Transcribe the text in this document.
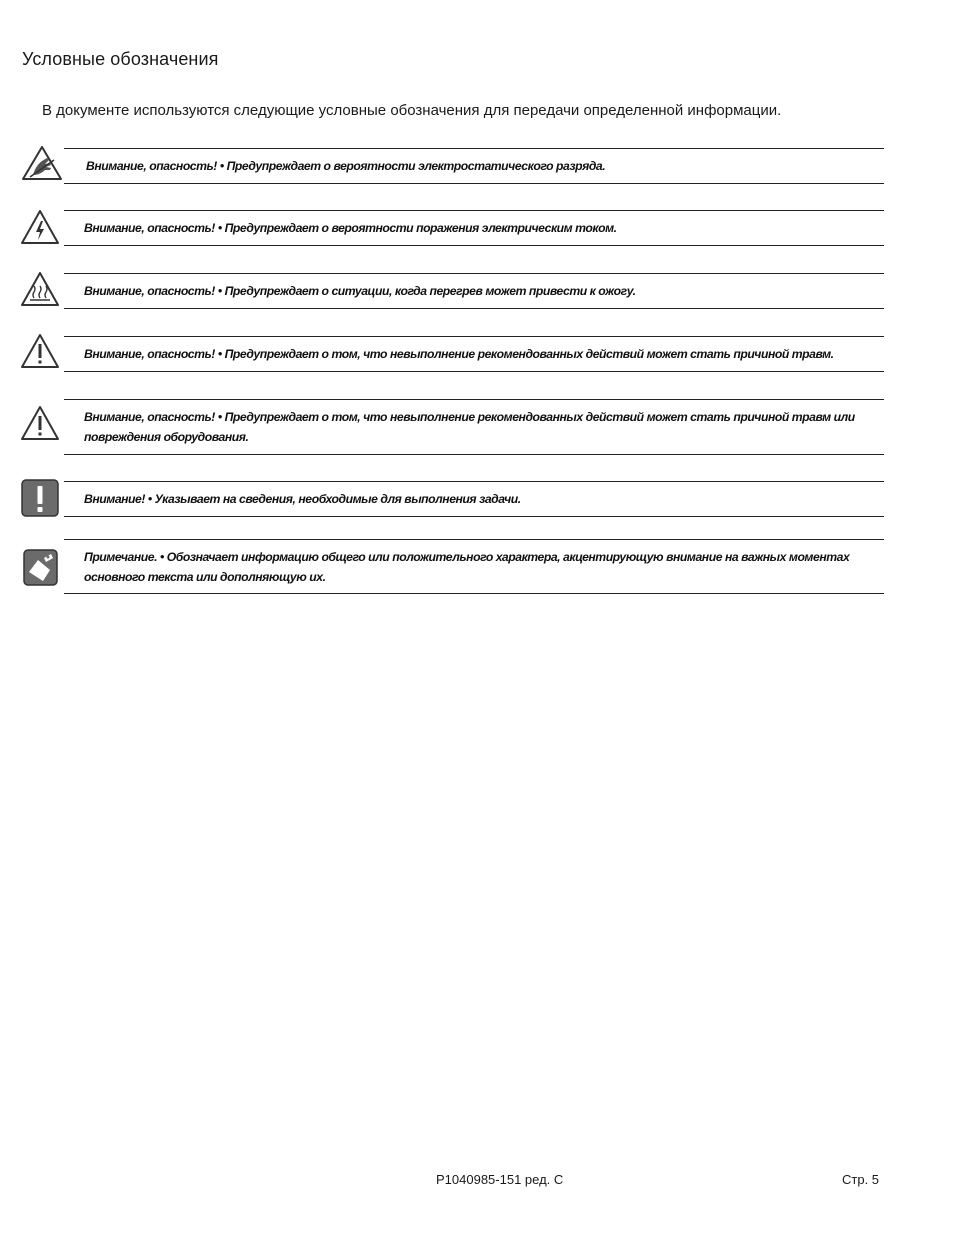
Условные обозначения
В документе используются следующие условные обозначения для передачи определенной информации.
Внимание, опасность! • Предупреждает о вероятности электростатического разряда.
Внимание, опасность! • Предупреждает о вероятности поражения электрическим током.
Внимание, опасность! • Предупреждает о ситуации, когда перегрев может привести к ожогу.
Внимание, опасность! • Предупреждает о том, что невыполнение рекомендованных действий может стать причиной травм.
Внимание, опасность! • Предупреждает о том, что невыполнение рекомендованных действий может стать причиной травм или повреждения оборудования.
Внимание! • Указывает на сведения, необходимые для выполнения задачи.
Примечание. • Обозначает информацию общего или положительного характера, акцентирующую внимание на важных моментах основного текста или дополняющую их.
P1040985-151 ред. C	Стр. 5
